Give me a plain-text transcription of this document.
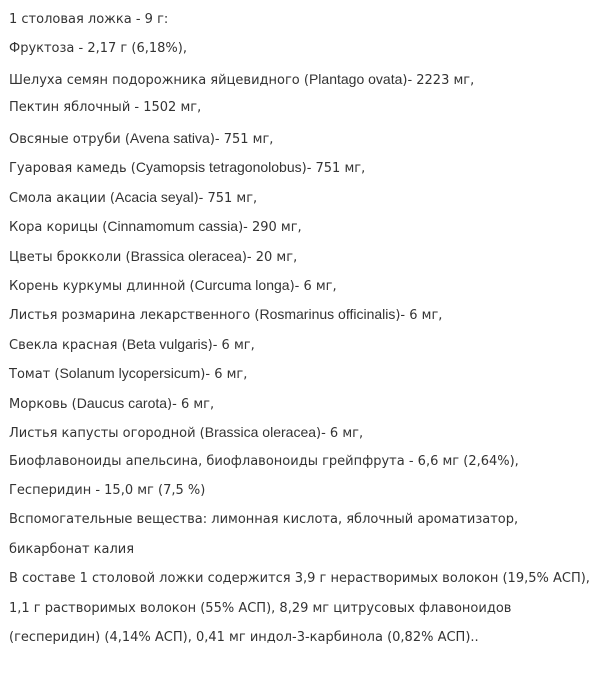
1 столовая ложка - 9 г:
Фруктоза - 2,17 г (6,18%),
Шелуха семян подорожника яйцевидного (Plantago ovata)- 2223 мг,
Пектин яблочный - 1502 мг,
Овсяные отруби (Avena sativa)- 751 мг,
Гуаровая камедь (Cyamopsis tetragonolobus)- 751 мг,
Смола акации (Acacia seyal)- 751 мг,
Кора корицы (Cinnamomum cassia)- 290 мг,
Цветы брокколи (Brassica oleracea)- 20 мг,
Корень куркумы длинной (Curcuma longa)- 6 мг,
Листья розмарина лекарственного (Rosmarinus officinalis)- 6 мг,
Свекла красная (Beta vulgaris)- 6 мг,
Томат (Solanum lycopersicum)- 6 мг,
Морковь (Daucus carota)- 6 мг,
Листья капусты огородной (Brassica oleracea)- 6 мг,
Биофлавоноиды апельсина, биофлавоноиды грейпфрута - 6,6 мг (2,64%),
Гесперидин - 15,0 мг (7,5 %)
Вспомогательные вещества: лимонная кислота, яблочный ароматизатор,
бикарбонат калия
В составе 1 столовой ложки содержится 3,9 г нерастворимых волокон (19,5% АСП),
1,1 г растворимых волокон (55% АСП), 8,29 мг цитрусовых флавоноидов
(гесперидин) (4,14% АСП), 0,41 мг индол-3-карбинола (0,82% АСП)..
